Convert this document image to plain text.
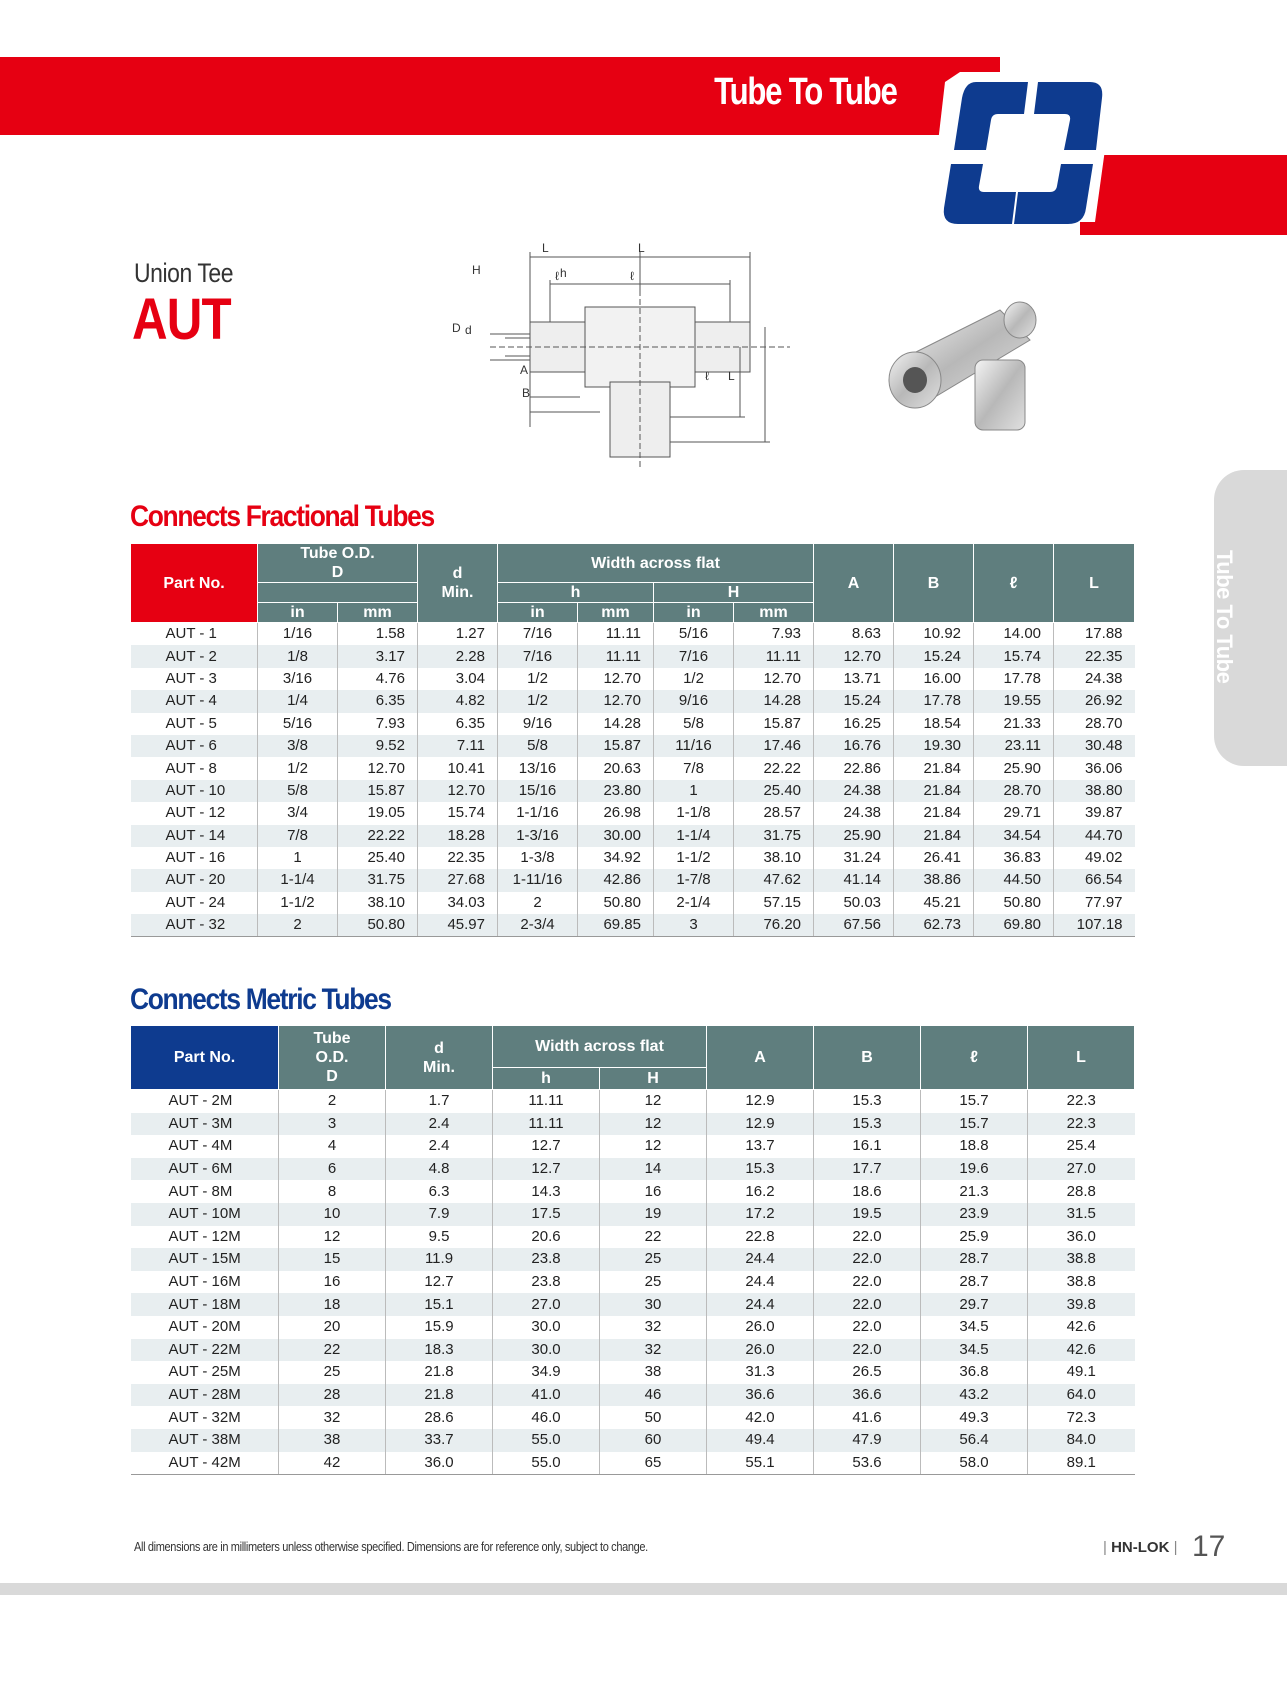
Tube To Tube
Tube To Tube
Union Tee
AUT
L	L
ℓ	ℓ
H	h
D d
A
B
ℓ L
Connects Fractional Tubes
Part No.	Tube O.D.
D		d
Min.	Width across flat				A	B	ℓ	L
				h		H					
	in	mm		in	mm	in	mm				
AUT - 1	1/16	1.58	1.27	7/16	11.11	5/16	7.93	8.63	10.92	14.00	17.88
AUT - 2	1/8	3.17	2.28	7/16	11.11	7/16	11.11	12.70	15.24	15.74	22.35
AUT - 3	3/16	4.76	3.04	1/2	12.70	1/2	12.70	13.71	16.00	17.78	24.38
AUT - 4	1/4	6.35	4.82	1/2	12.70	9/16	14.28	15.24	17.78	19.55	26.92
AUT - 5	5/16	7.93	6.35	9/16	14.28	5/8	15.87	16.25	18.54	21.33	28.70
AUT - 6	3/8	9.52	7.11	5/8	15.87	11/16	17.46	16.76	19.30	23.11	30.48
AUT - 8	1/2	12.70	10.41	13/16	20.63	7/8	22.22	22.86	21.84	25.90	36.06
AUT - 10	5/8	15.87	12.70	15/16	23.80	1	25.40	24.38	21.84	28.70	38.80
AUT - 12	3/4	19.05	15.74	1-1/16	26.98	1-1/8	28.57	24.38	21.84	29.71	39.87
AUT - 14	7/8	22.22	18.28	1-3/16	30.00	1-1/4	31.75	25.90	21.84	34.54	44.70
AUT - 16	1	25.40	22.35	1-3/8	34.92	1-1/2	38.10	31.24	26.41	36.83	49.02
AUT - 20	1-1/4	31.75	27.68	1-11/16	42.86	1-7/8	47.62	41.14	38.86	44.50	66.54
AUT - 24	1-1/2	38.10	34.03	2	50.80	2-1/4	57.15	50.03	45.21	50.80	77.97
AUT - 32	2	50.80	45.97	2-3/4	69.85	3	76.20	67.56	62.73	69.80	107.18
Connects Metric Tubes
Part No.	Tube
O.D.
D	d
Min.	Width across flat		A	B	ℓ	L
			h	H				
AUT - 2M	2	1.7	11.11	12	12.9	15.3	15.7	22.3
AUT - 3M	3	2.4	11.11	12	12.9	15.3	15.7	22.3
AUT - 4M	4	2.4	12.7	12	13.7	16.1	18.8	25.4
AUT - 6M	6	4.8	12.7	14	15.3	17.7	19.6	27.0
AUT - 8M	8	6.3	14.3	16	16.2	18.6	21.3	28.8
AUT - 10M	10	7.9	17.5	19	17.2	19.5	23.9	31.5
AUT - 12M	12	9.5	20.6	22	22.8	22.0	25.9	36.0
AUT - 15M	15	11.9	23.8	25	24.4	22.0	28.7	38.8
AUT - 16M	16	12.7	23.8	25	24.4	22.0	28.7	38.8
AUT - 18M	18	15.1	27.0	30	24.4	22.0	29.7	39.8
AUT - 20M	20	15.9	30.0	32	26.0	22.0	34.5	42.6
AUT - 22M	22	18.3	30.0	32	26.0	22.0	34.5	42.6
AUT - 25M	25	21.8	34.9	38	31.3	26.5	36.8	49.1
AUT - 28M	28	21.8	41.0	46	36.6	36.6	43.2	64.0
AUT - 32M	32	28.6	46.0	50	42.0	41.6	49.3	72.3
AUT - 38M	38	33.7	55.0	60	49.4	47.9	56.4	84.0
AUT - 42M	42	36.0	55.0	65	55.1	53.6	58.0	89.1
All dimensions are in millimeters unless otherwise specified. Dimensions are for reference only, subject to change.	| HN-LOK | 17
